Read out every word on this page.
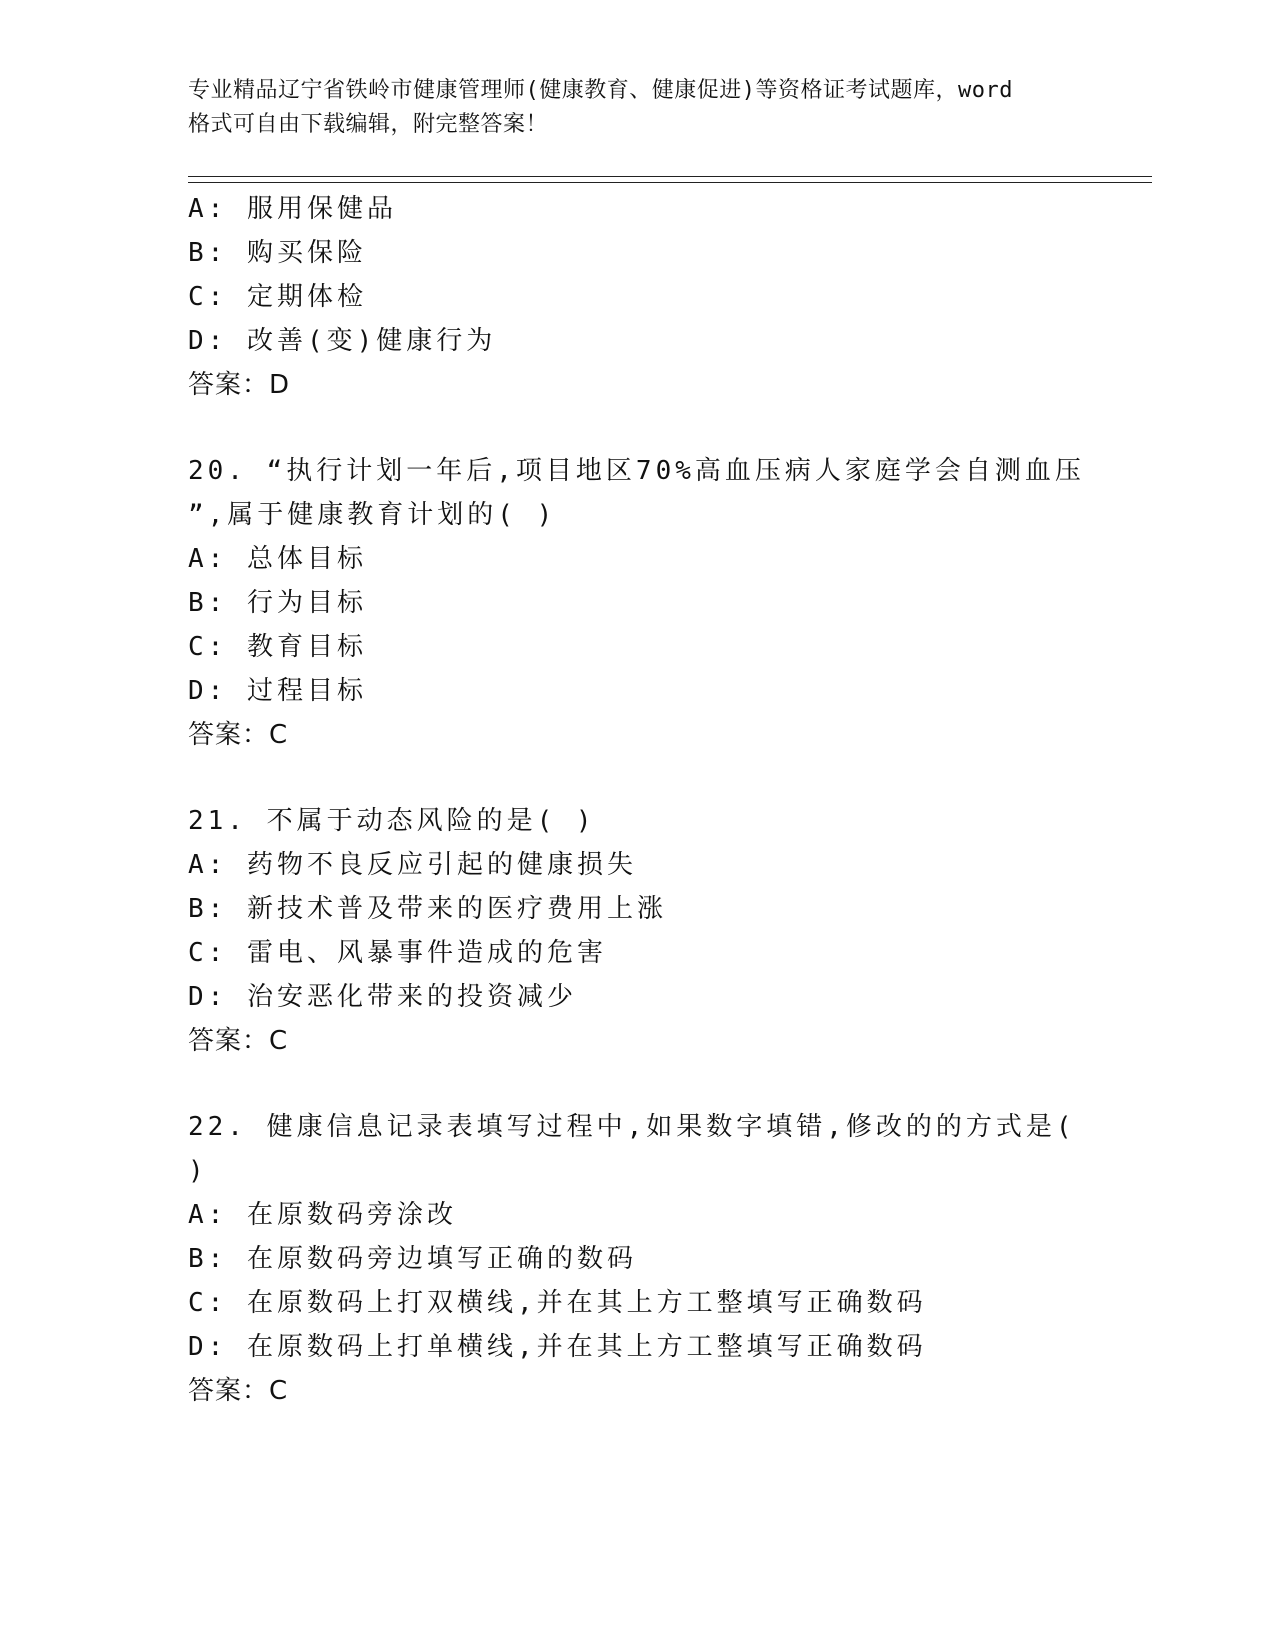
专业精品辽宁省铁岭市健康管理师(健康教育、健康促进)等资格证考试题库，word
格式可自由下载编辑，附完整答案！
A: 服用保健品
B: 购买保险
C: 定期体检
D: 改善(变)健康行为
答案：D
20. “执行计划一年后,项目地区70%高血压病人家庭学会自测血压
”,属于健康教育计划的( )
A: 总体目标
B: 行为目标
C: 教育目标
D: 过程目标
答案：C
21. 不属于动态风险的是( )
A: 药物不良反应引起的健康损失
B: 新技术普及带来的医疗费用上涨
C: 雷电、风暴事件造成的危害
D: 治安恶化带来的投资减少
答案：C
22. 健康信息记录表填写过程中,如果数字填错,修改的的方式是(
)
A: 在原数码旁涂改
B: 在原数码旁边填写正确的数码
C: 在原数码上打双横线,并在其上方工整填写正确数码
D: 在原数码上打单横线,并在其上方工整填写正确数码
答案：C
